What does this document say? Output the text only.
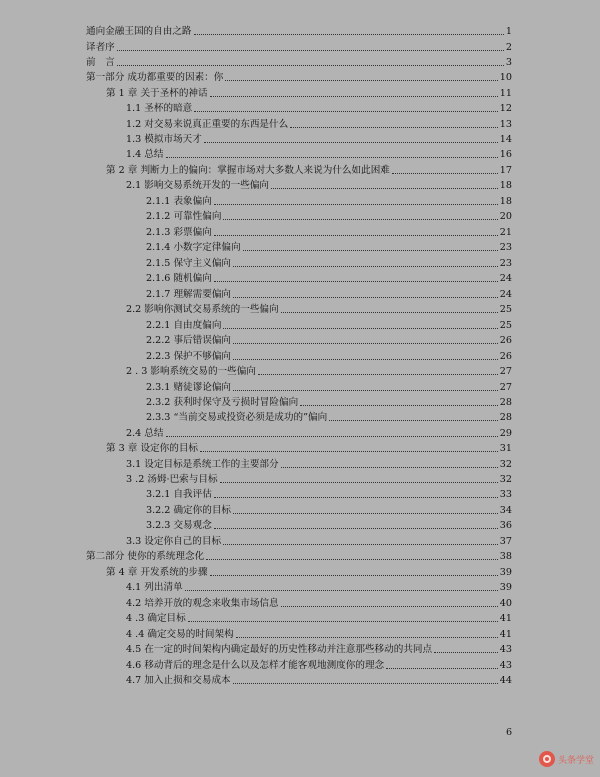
通向金融王国的自由之路	1
译者序	2
前　言	3
第一部分 成功都重要的因素：你	10
第 1 章 关于圣杯的神话	11
1.1 圣杯的暗意	12
1.2 对交易来说真正重要的东西是什么	13
1.3 模拟市场天才	14
1.4 总结	16
第 2 章 判断力上的偏向：掌握市场对大多数人来说为什么如此困难	17
2.1 影响交易系统开发的一些偏向	18
2.1.1 表象偏向	18
2.1.2 可靠性偏向	20
2.1.3 彩票偏向	21
2.1.4 小数字定律偏向	23
2.1.5 保守主义偏向	23
2.1.6 随机偏向	24
2.1.7 理解需要偏向	24
2.2 影响你测试交易系统的一些偏向	25
2.2.1 自由度偏向	25
2.2.2 事后错误偏向	26
2.2.3 保护不够偏向	26
2 . 3 影响系统交易的一些偏向	27
2.3.1 赌徒谬论偏向	27
2.3.2 获利时保守及亏损时冒险偏向	28
2.3.3 “当前交易或投资必须是成功的”偏向	28
2.4 总结	29
第 3 章 设定你的目标	31
3.1 设定目标是系统工作的主要部分	32
3 .2 汤姆·巴索与目标	32
3.2.1 自我评估	33
3.2.2 确定你的目标	34
3.2.3 交易观念	36
3.3 设定你自己的目标	37
第二部分 使你的系统理念化	38
第 4 章 开发系统的步骤	39
4.1 列出清单	39
4.2 培养开放的观念来收集市场信息	40
4 .3 确定目标	41
4 .4 确定交易的时间架构	41
4.5 在一定的时间架构内确定最好的历史性移动并注意那些移动的共同点	43
4.6 移动背后的理念是什么以及怎样才能客观地测度你的理念	43
4.7 加入止损和交易成本	44
6
头条学堂
